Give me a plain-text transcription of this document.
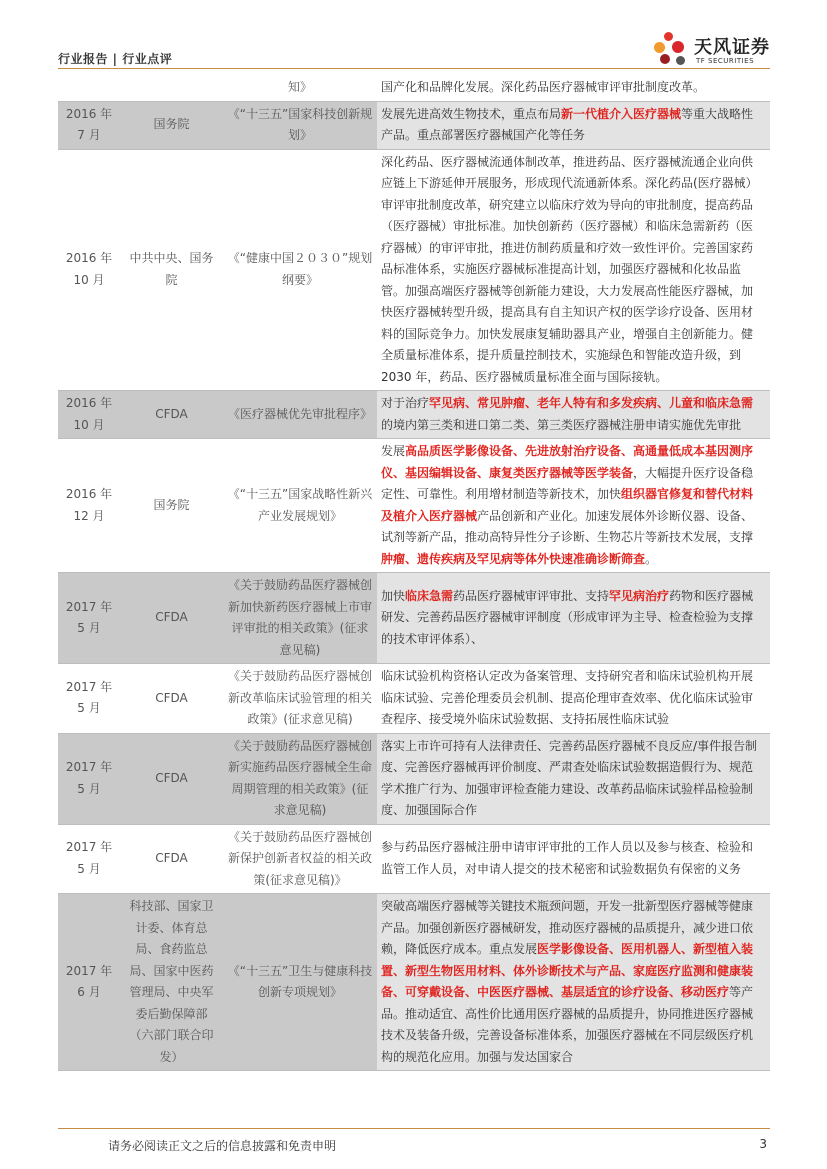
行业报告 | 行业点评
天风证券
TF SECURITIES
		知》	国产化和品牌化发展。深化药品医疗器械审评审批制度改革。
2016 年 7 月	国务院	《“十三五”国家科技创新规划》	发展先进高效生物技术，重点布局新一代植介入医疗器械等重大战略性产品。重点部署医疗器械国产化等任务
2016 年 10 月	中共中央、国务院	《“健康中国２０３０”规划纲要》	深化药品、医疗器械流通体制改革，推进药品、医疗器械流通企业向供应链上下游延伸开展服务，形成现代流通新体系。深化药品(医疗器械）审评审批制度改革，研究建立以临床疗效为导向的审批制度，提高药品（医疗器械）审批标准。加快创新药（医疗器械）和临床急需新药（医疗器械）的审评审批，推进仿制药质量和疗效一致性评价。完善国家药品标准体系，实施医疗器械标准提高计划，加强医疗器械和化妆品监管。加强高端医疗器械等创新能力建设，大力发展高性能医疗器械，加快医疗器械转型升级，提高具有自主知识产权的医学诊疗设备、医用材料的国际竞争力。加快发展康复辅助器具产业，增强自主创新能力。健全质量标准体系，提升质量控制技术，实施绿色和智能改造升级，到 2030 年，药品、医疗器械质量标准全面与国际接轨。
2016 年 10 月	CFDA	《医疗器械优先审批程序》	对于治疗罕见病、常见肿瘤、老年人特有和多发疾病、儿童和临床急需的境内第三类和进口第二类、第三类医疗器械注册申请实施优先审批
2016 年 12 月	国务院	《“十三五”国家战略性新兴产业发展规划》	发展高品质医学影像设备、先进放射治疗设备、高通量低成本基因测序仪、基因编辑设备、康复类医疗器械等医学装备，大幅提升医疗设备稳定性、可靠性。利用增材制造等新技术，加快组织器官修复和替代材料及植介入医疗器械产品创新和产业化。加速发展体外诊断仪器、设备、试剂等新产品，推动高特异性分子诊断、生物芯片等新技术发展，支撑肿瘤、遗传疾病及罕见病等体外快速准确诊断筛查。
2017 年 5 月	CFDA	《关于鼓励药品医疗器械创新加快新药医疗器械上市审评审批的相关政策》(征求意见稿)	加快临床急需药品医疗器械审评审批、支持罕见病治疗药物和医疗器械研发、完善药品医疗器械审评制度（形成审评为主导、检查检验为支撑的技术审评体系）、
2017 年 5 月	CFDA	《关于鼓励药品医疗器械创新改革临床试验管理的相关政策》(征求意见稿)	临床试验机构资格认定改为备案管理、支持研究者和临床试验机构开展临床试验、完善伦理委员会机制、提高伦理审查效率、优化临床试验审查程序、接受境外临床试验数据、支持拓展性临床试验
2017 年 5 月	CFDA	《关于鼓励药品医疗器械创新实施药品医疗器械全生命周期管理的相关政策》(征求意见稿)	落实上市许可持有人法律责任、完善药品医疗器械不良反应/事件报告制度、完善医疗器械再评价制度、严肃查处临床试验数据造假行为、规范学术推广行为、加强审评检查能力建设、改革药品临床试验样品检验制度、加强国际合作
2017 年 5 月	CFDA	《关于鼓励药品医疗器械创新保护创新者权益的相关政策(征求意见稿)》	参与药品医疗器械注册申请审评审批的工作人员以及参与核查、检验和监管工作人员，对申请人提交的技术秘密和试验数据负有保密的义务
2017 年 6 月	科技部、国家卫计委、体育总局、食药监总局、国家中医药管理局、中央军委后勤保障部（六部门联合印发）	《“十三五”卫生与健康科技创新专项规划》	突破高端医疗器械等关键技术瓶颈问题，开发一批新型医疗器械等健康产品。加强创新医疗器械研发，推动医疗器械的品质提升，减少进口依赖，降低医疗成本。重点发展医学影像设备、医用机器人、新型植入装置、新型生物医用材料、体外诊断技术与产品、家庭医疗监测和健康装备、可穿戴设备、中医医疗器械、基层适宜的诊疗设备、移动医疗等产品。推动适宜、高性价比通用医疗器械的品质提升，协同推进医疗器械技术及装备升级，完善设备标准体系，加强医疗器械在不同层级医疗机构的规范化应用。加强与发达国家合
请务必阅读正文之后的信息披露和免责申明	3
